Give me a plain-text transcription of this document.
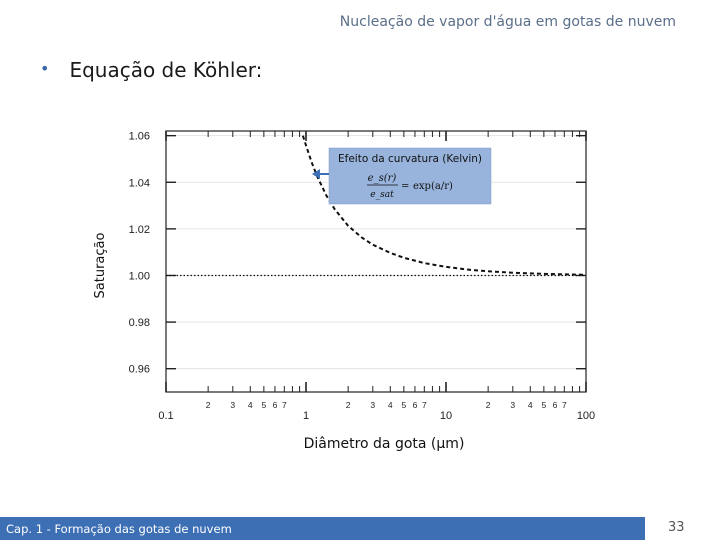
Nucleação de vapor d'água em gotas de nuvem
• Equação de Köhler:
0.96
0.98
1.00
1.02
1.04
1.06
0.1
2 3 4 5 6 7
1
2 3 4 5 6 7
10
2 3 4 5 6 7
100
Diâmetro da gota (µm)
Saturação
Efeito da curvatura (Kelvin)
e_s(r)
e_sat
= exp(a/r)
Cap. 1 - Formação das gotas de nuvem	33
